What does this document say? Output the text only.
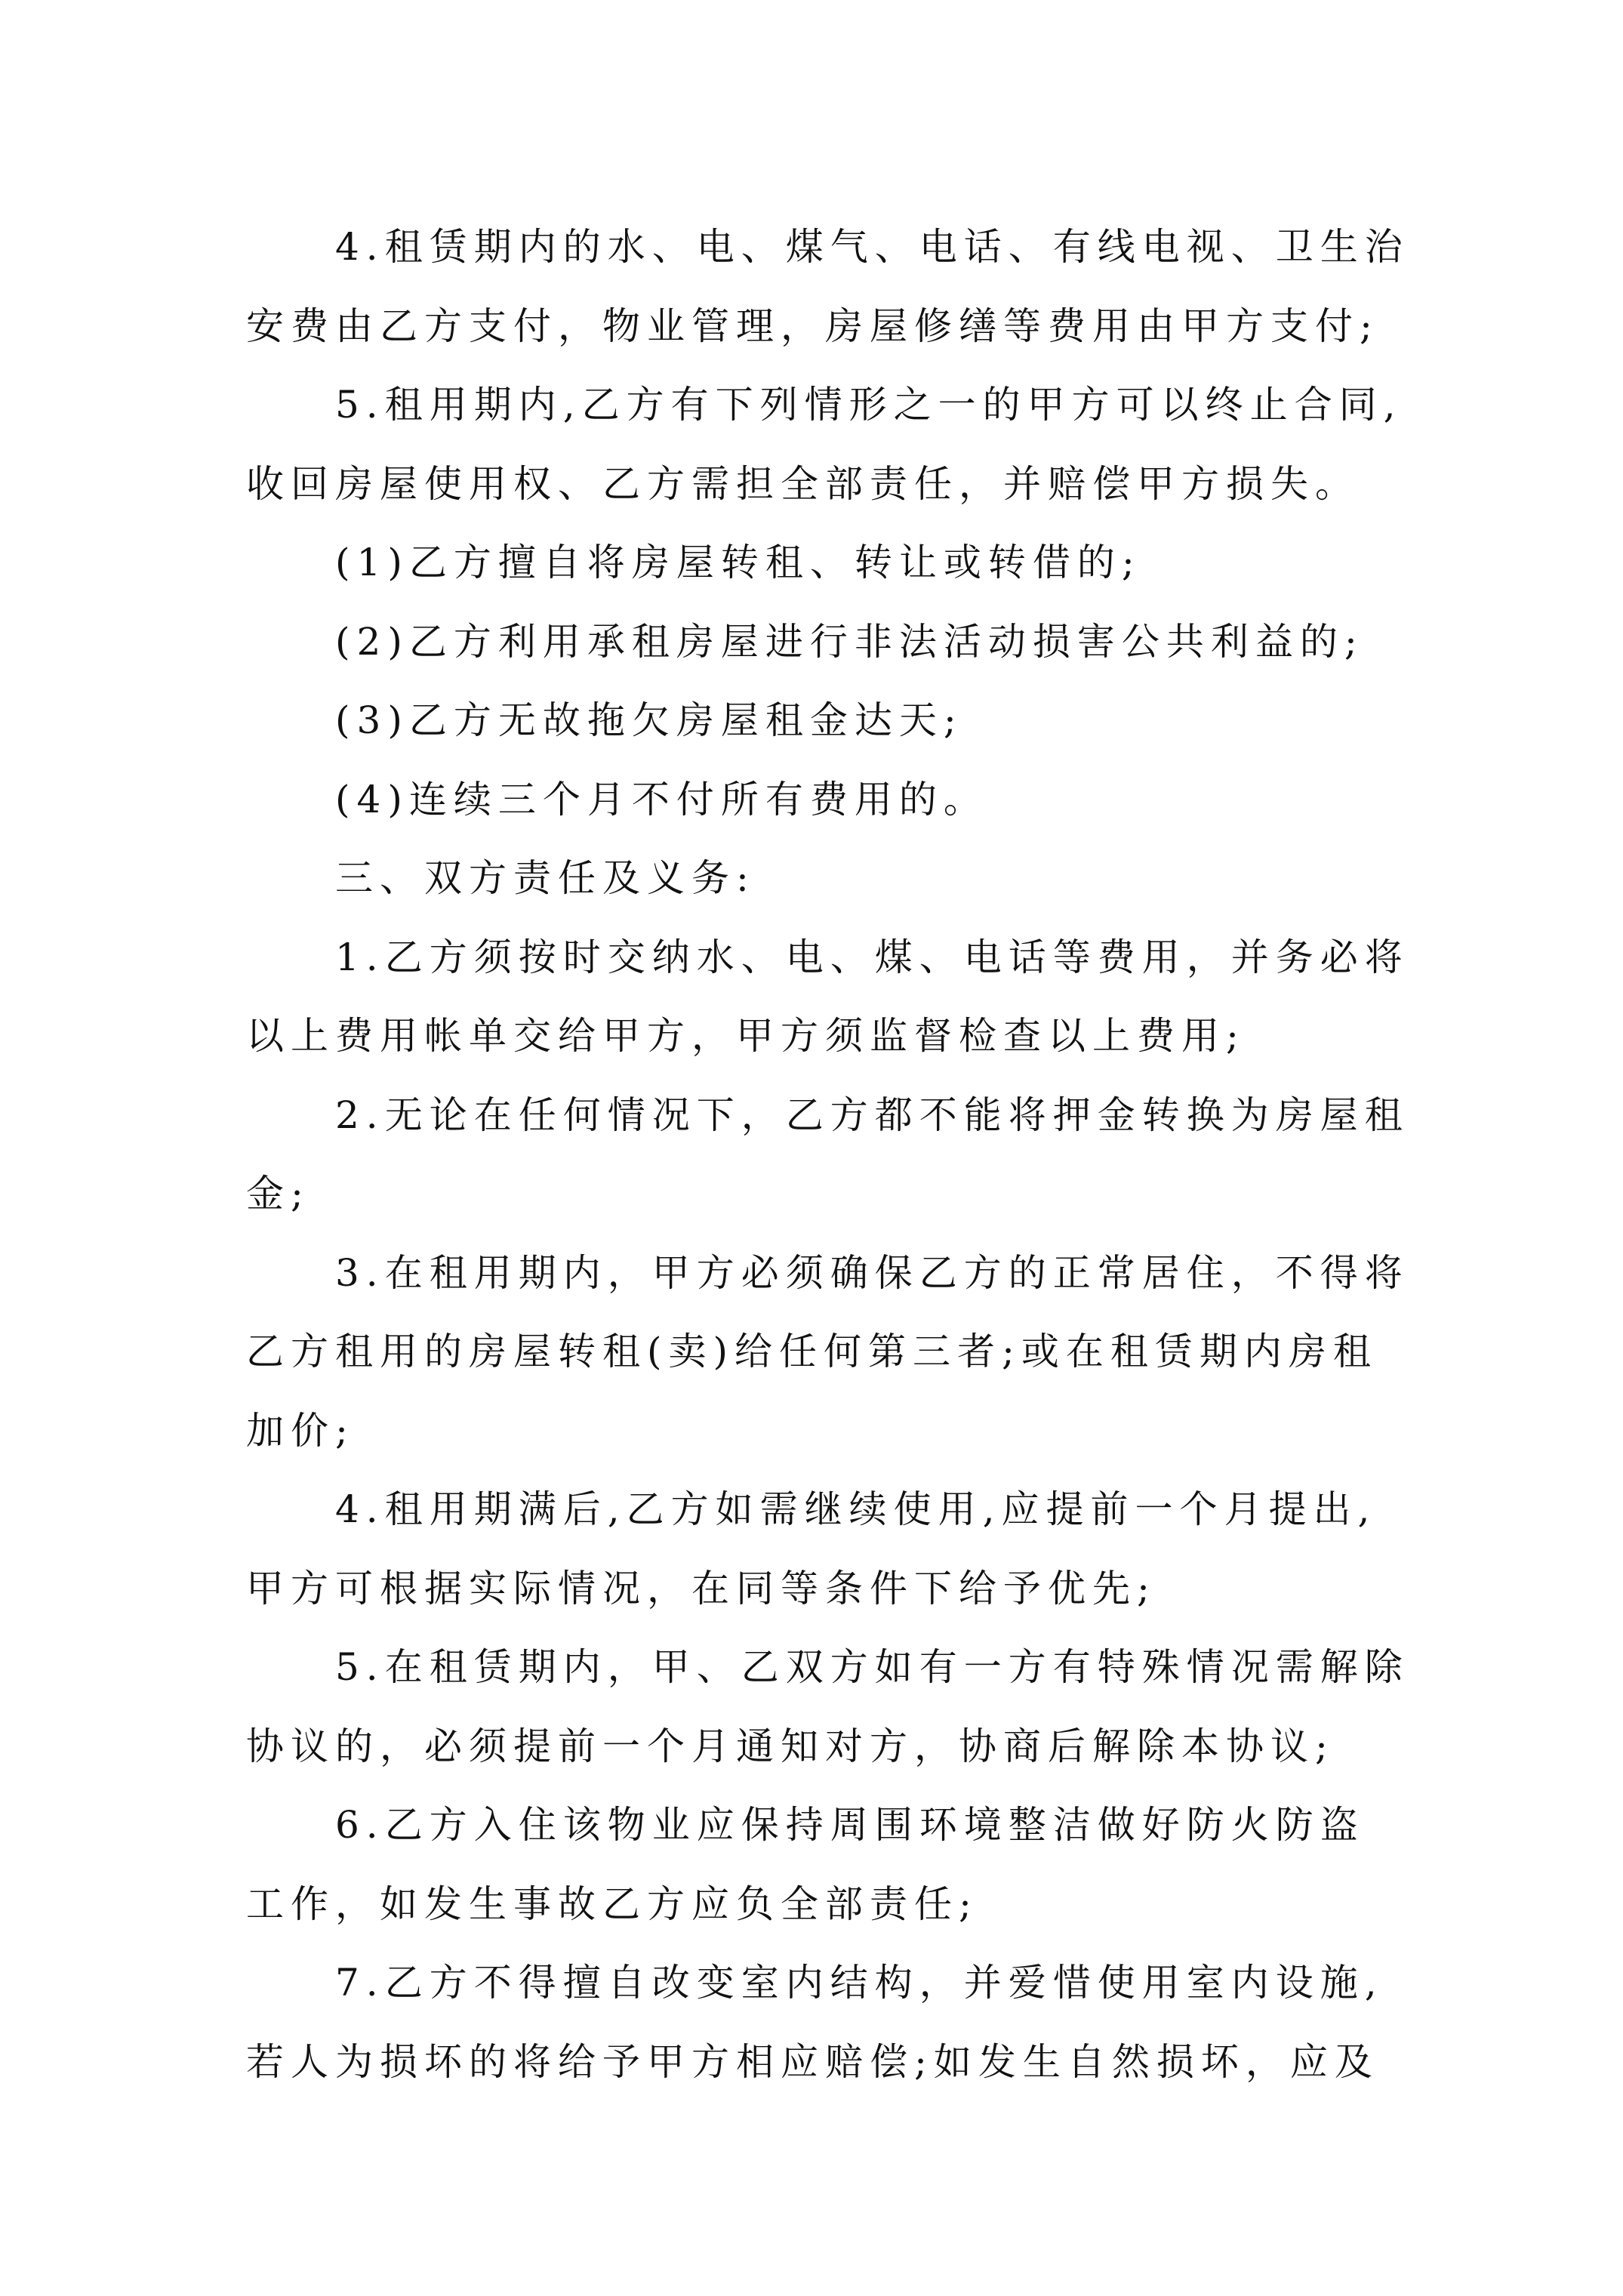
　　4.租赁期内的水、电、煤气、电话、有线电视、卫生治
安费由乙方支付，物业管理，房屋修缮等费用由甲方支付;

　　5.租用期内,乙方有下列情形之一的甲方可以终止合同,
收回房屋使用权、乙方需担全部责任，并赔偿甲方损失。

　　(1)乙方擅自将房屋转租、转让或转借的;

　　(2)乙方利用承租房屋进行非法活动损害公共利益的;

　　(3)乙方无故拖欠房屋租金达天;

　　(4)连续三个月不付所有费用的。

　　三、双方责任及义务:

　　1.乙方须按时交纳水、电、煤、电话等费用，并务必将
以上费用帐单交给甲方，甲方须监督检查以上费用;

　　2.无论在任何情况下，乙方都不能将押金转换为房屋租
金;

　　3.在租用期内，甲方必须确保乙方的正常居住，不得将
乙方租用的房屋转租(卖)给任何第三者;或在租赁期内房租
加价;

　　4.租用期满后,乙方如需继续使用,应提前一个月提出,
甲方可根据实际情况，在同等条件下给予优先;

　　5.在租赁期内，甲、乙双方如有一方有特殊情况需解除
协议的，必须提前一个月通知对方，协商后解除本协议;

　　6.乙方入住该物业应保持周围环境整洁做好防火防盗
工作，如发生事故乙方应负全部责任;

　　7.乙方不得擅自改变室内结构，并爱惜使用室内设施,
若人为损坏的将给予甲方相应赔偿;如发生自然损坏，应及
